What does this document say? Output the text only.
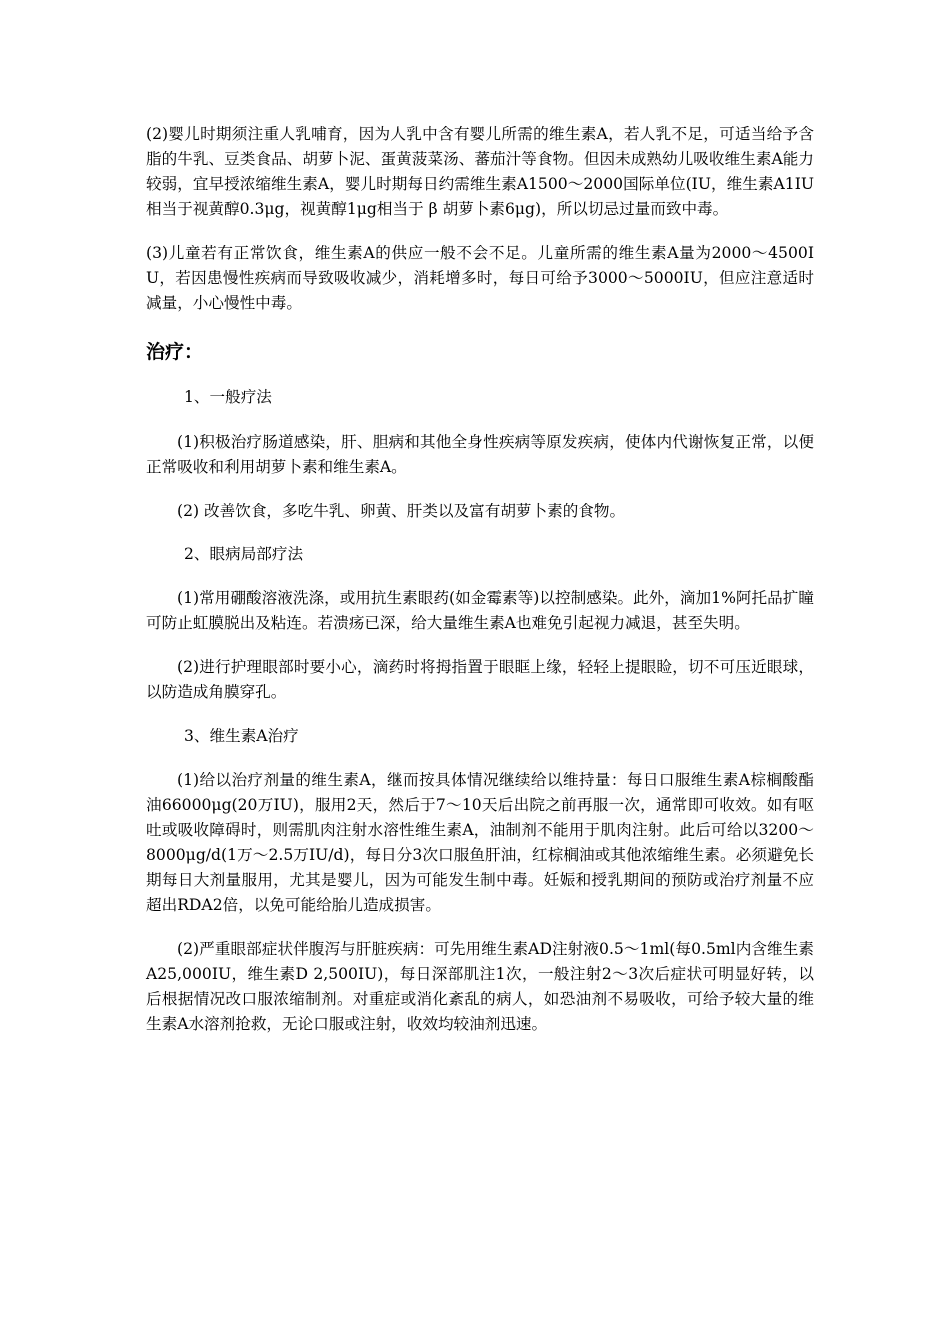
(2)婴儿时期须注重人乳哺育，因为人乳中含有婴儿所需的维生素A，若人乳不足，可适当给予含脂的牛乳、豆类食品、胡萝卜泥、蛋黄菠菜汤、蕃茄汁等食物。但因未成熟幼儿吸收维生素A能力较弱，宜早授浓缩维生素A，婴儿时期每日约需维生素A1500～2000国际单位(IU，维生素A1IU相当于视黄醇0.3μg，视黄醇1μg相当于 β 胡萝卜素6μg)，所以切忌过量而致中毒。

(3)儿童若有正常饮食，维生素A的供应一般不会不足。儿童所需的维生素A量为2000～4500IU，若因患慢性疾病而导致吸收减少，消耗增多时，每日可给予3000～5000IU，但应注意适时减量，小心慢性中毒。

治疗：

1、一般疗法

(1)积极治疗肠道感染，肝、胆病和其他全身性疾病等原发疾病，使体内代谢恢复正常，以便正常吸收和利用胡萝卜素和维生素A。

(2) 改善饮食，多吃牛乳、卵黄、肝类以及富有胡萝卜素的食物。

2、眼病局部疗法

(1)常用硼酸溶液洗涤，或用抗生素眼药(如金霉素等)以控制感染。此外，滴加1%阿托品扩瞳可防止虹膜脱出及粘连。若溃疡已深，给大量维生素A也难免引起视力减退，甚至失明。

(2)进行护理眼部时要小心，滴药时将拇指置于眼眶上缘，轻轻上提眼睑，切不可压近眼球，以防造成角膜穿孔。

3、维生素A治疗

(1)给以治疗剂量的维生素A，继而按具体情况继续给以维持量：每日口服维生素A棕榈酸酯油66000μg(20万IU)，服用2天，然后于7～10天后出院之前再服一次，通常即可收效。如有呕吐或吸收障碍时，则需肌肉注射水溶性维生素A，油制剂不能用于肌肉注射。此后可给以3200～8000μg/d(1万～2.5万IU/d)，每日分3次口服鱼肝油，红棕榈油或其他浓缩维生素。必须避免长期每日大剂量服用，尤其是婴儿，因为可能发生制中毒。妊娠和授乳期间的预防或治疗剂量不应超出RDA2倍，以免可能给胎儿造成损害。

(2)严重眼部症状伴腹泻与肝脏疾病：可先用维生素AD注射液0.5～1ml(每0.5ml内含维生素A25,000IU，维生素D 2,500IU)，每日深部肌注1次，一般注射2～3次后症状可明显好转，以后根据情况改口服浓缩制剂。对重症或消化紊乱的病人，如恐油剂不易吸收，可给予较大量的维生素A水溶剂抢救，无论口服或注射，收效均较油剂迅速。
